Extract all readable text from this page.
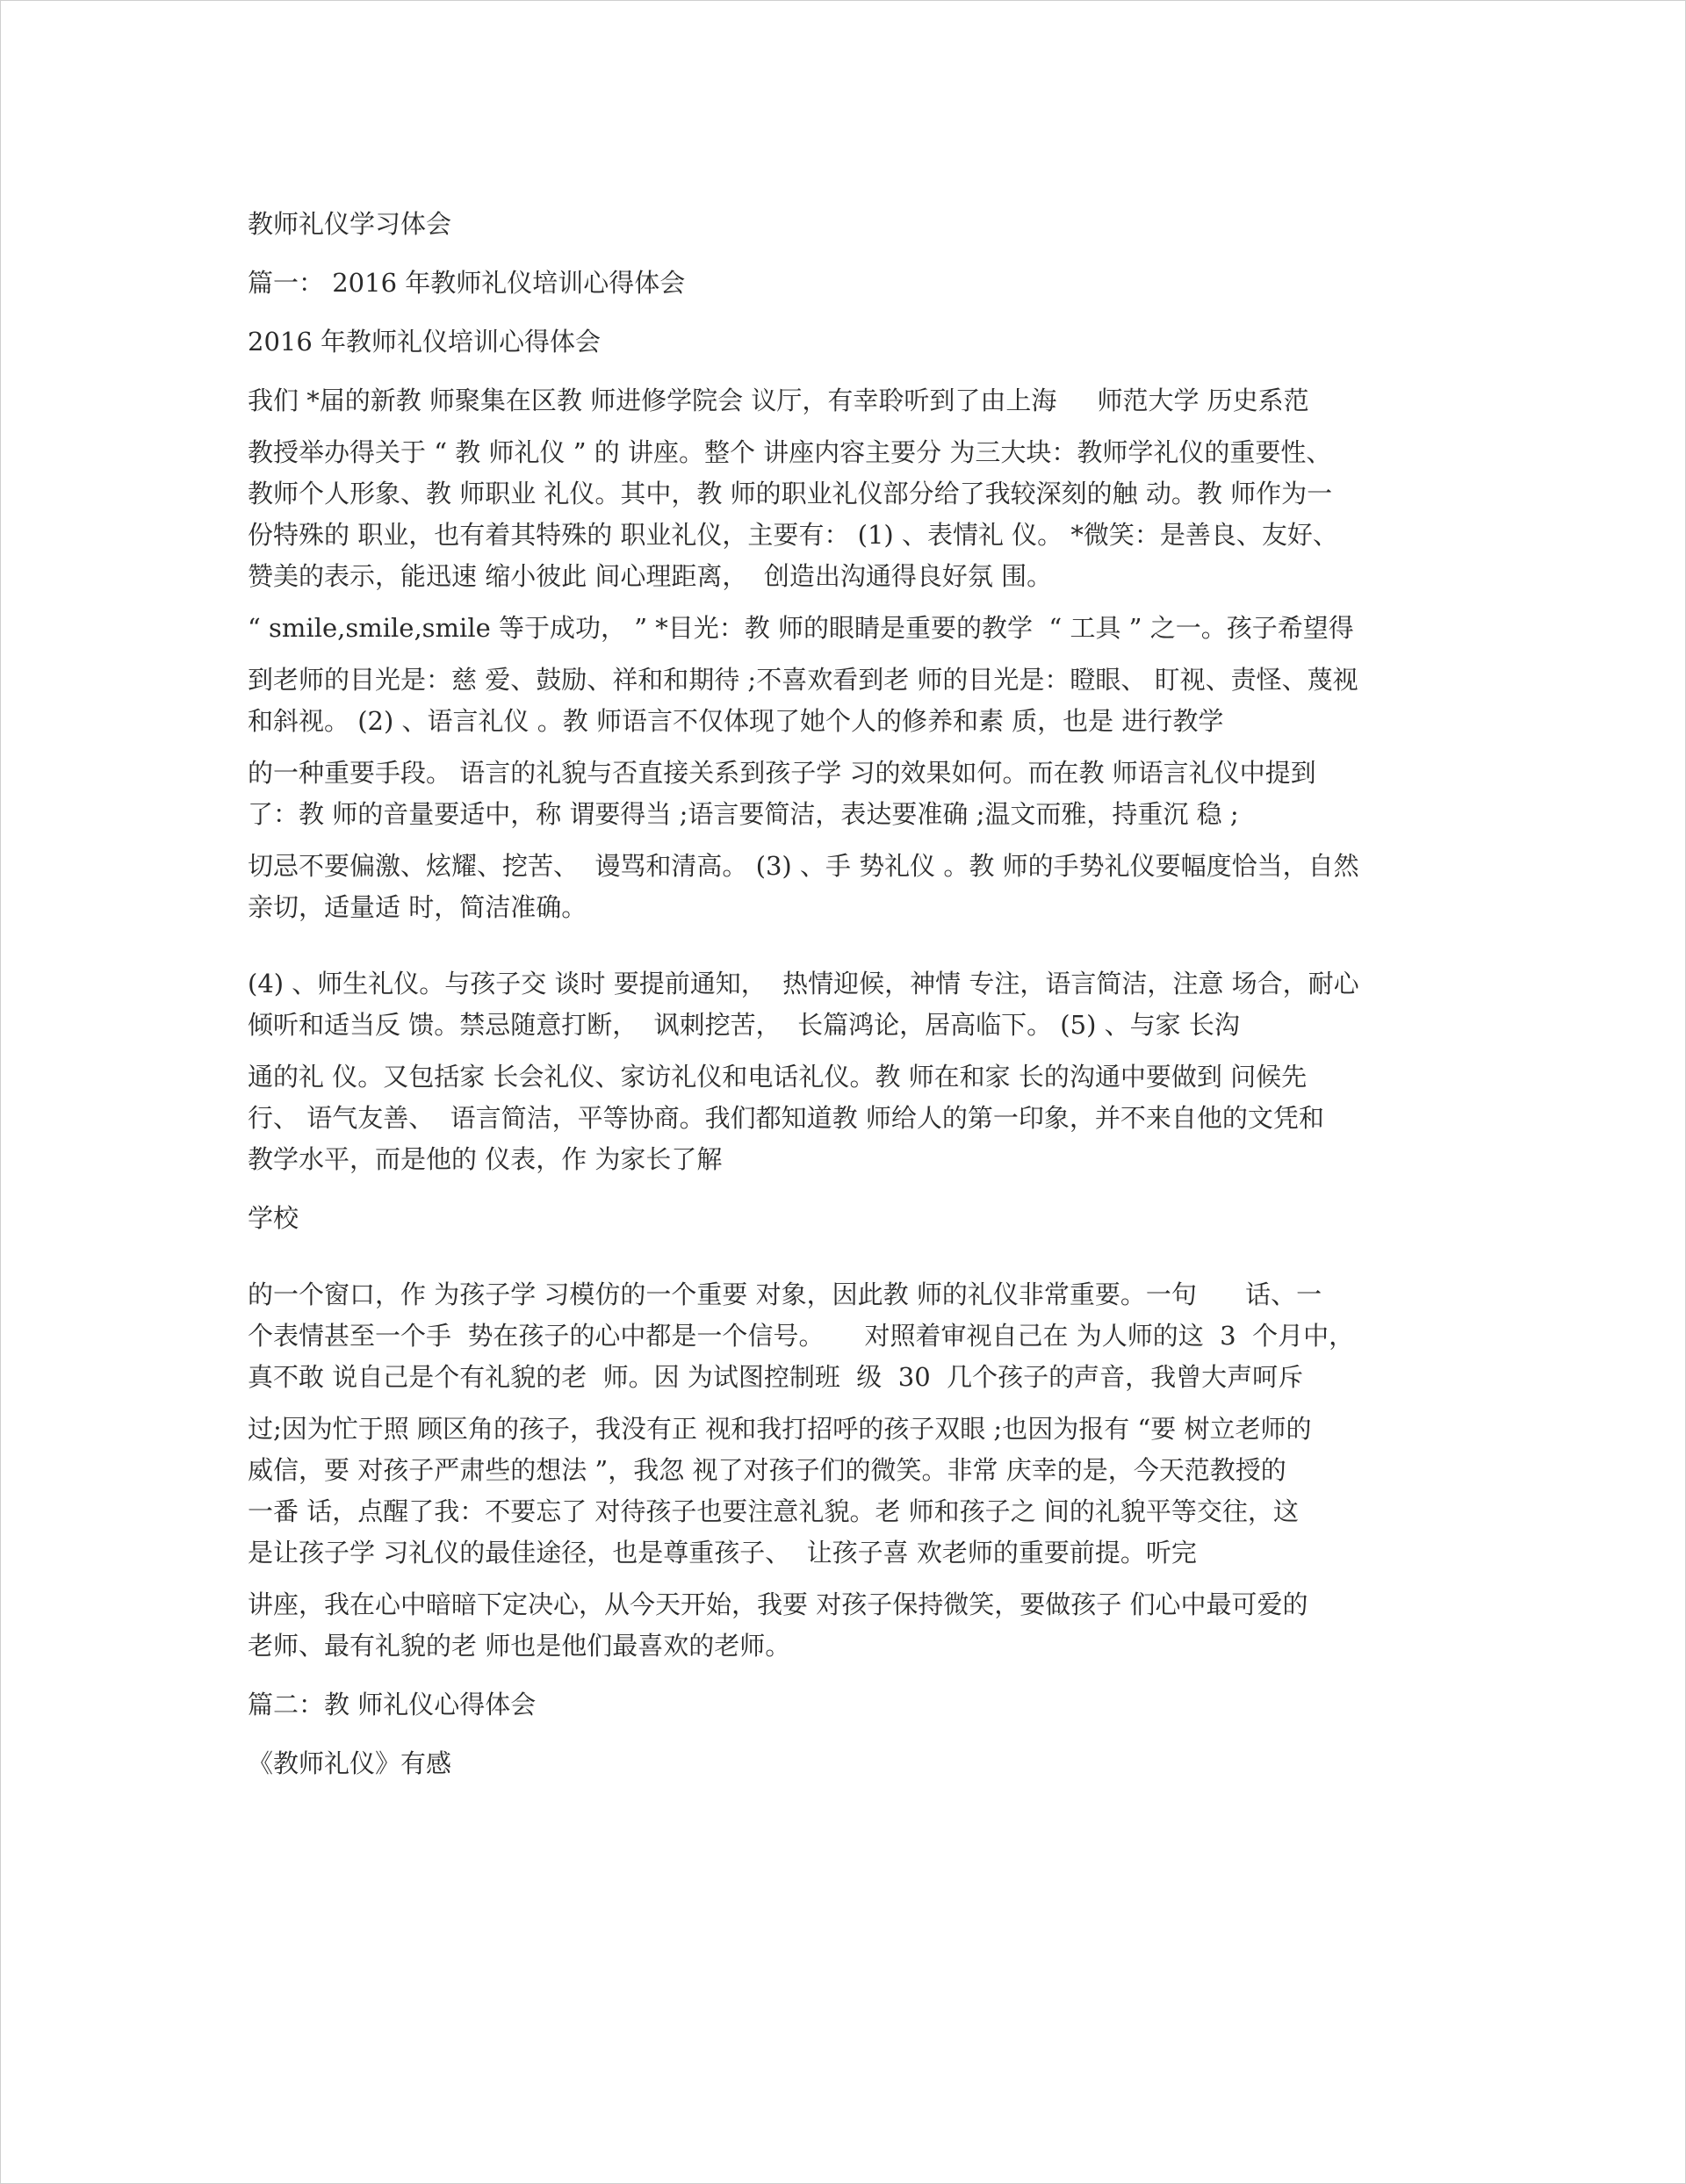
教师礼仪学习体会
篇一： 2016 年教师礼仪培训心得体会
2016 年教师礼仪培训心得体会
我们 *届的新教 师聚集在区教 师进修学院会 议厅，有幸聆听到了由上海     师范大学 历史系范
教授举办得关于 “ 教 师礼仪 ” 的 讲座。整个 讲座内容主要分 为三大块：教师学礼仪的重要性、
教师个人形象、教 师职业 礼仪。其中，教 师的职业礼仪部分给了我较深刻的触 动。教 师作为一
份特殊的 职业，也有着其特殊的 职业礼仪，主要有： (1) 、表情礼 仪。 *微笑：是善良、友好、
赞美的表示，能迅速 缩小彼此 间心理距离，  创造出沟通得良好氛 围。
“ smile,smile,smile 等于成功， ” *目光：教 师的眼睛是重要的教学  “ 工具 ” 之一。孩子希望得
到老师的目光是：慈 爱、鼓励、祥和和期待 ;不喜欢看到老 师的目光是：瞪眼、 盯视、责怪、蔑视
和斜视。 (2) 、语言礼仪 。教 师语言不仅体现了她个人的修养和素 质，也是 进行教学
的一种重要手段。 语言的礼貌与否直接关系到孩子学 习的效果如何。而在教 师语言礼仪中提到
了：教 师的音量要适中，称 谓要得当 ;语言要简洁，表达要准确 ;温文而雅，持重沉 稳 ;
切忌不要偏激、炫耀、挖苦、  谩骂和清高。 (3) 、手 势礼仪 。教 师的手势礼仪要幅度恰当，自然
亲切，适量适 时，简洁准确。
(4) 、师生礼仪。与孩子交 谈时 要提前通知，  热情迎候，神情 专注，语言简洁，注意 场合，耐心
倾听和适当反 馈。禁忌随意打断，  讽刺挖苦，  长篇鸿论，居高临下。 (5) 、与家 长沟
通的礼 仪。又包括家 长会礼仪、家访礼仪和电话礼仪。教 师在和家 长的沟通中要做到 问候先
行、 语气友善、  语言简洁，平等协商。我们都知道教 师给人的第一印象，并不来自他的文凭和
教学水平，而是他的 仪表，作 为家长了解
学校
的一个窗口，作 为孩子学 习模仿的一个重要 对象，因此教 师的礼仪非常重要。一句      话、一
个表情甚至一个手  势在孩子的心中都是一个信号。     对照着审视自己在 为人师的这  3  个月中，
真不敢 说自己是个有礼貌的老  师。因 为试图控制班  级  30  几个孩子的声音，我曾大声呵斥
过;因为忙于照 顾区角的孩子，我没有正 视和我打招呼的孩子双眼 ;也因为报有 “要 树立老师的
威信，要 对孩子严肃些的想法 ”，我忽 视了对孩子们的微笑。非常 庆幸的是，今天范教授的
一番 话，点醒了我：不要忘了 对待孩子也要注意礼貌。老 师和孩子之 间的礼貌平等交往，这
是让孩子学 习礼仪的最佳途径，也是尊重孩子、  让孩子喜 欢老师的重要前提。听完
讲座，我在心中暗暗下定决心，从今天开始，我要 对孩子保持微笑，要做孩子 们心中最可爱的
老师、最有礼貌的老 师也是他们最喜欢的老师。
篇二：教 师礼仪心得体会
《教师礼仪》有感
